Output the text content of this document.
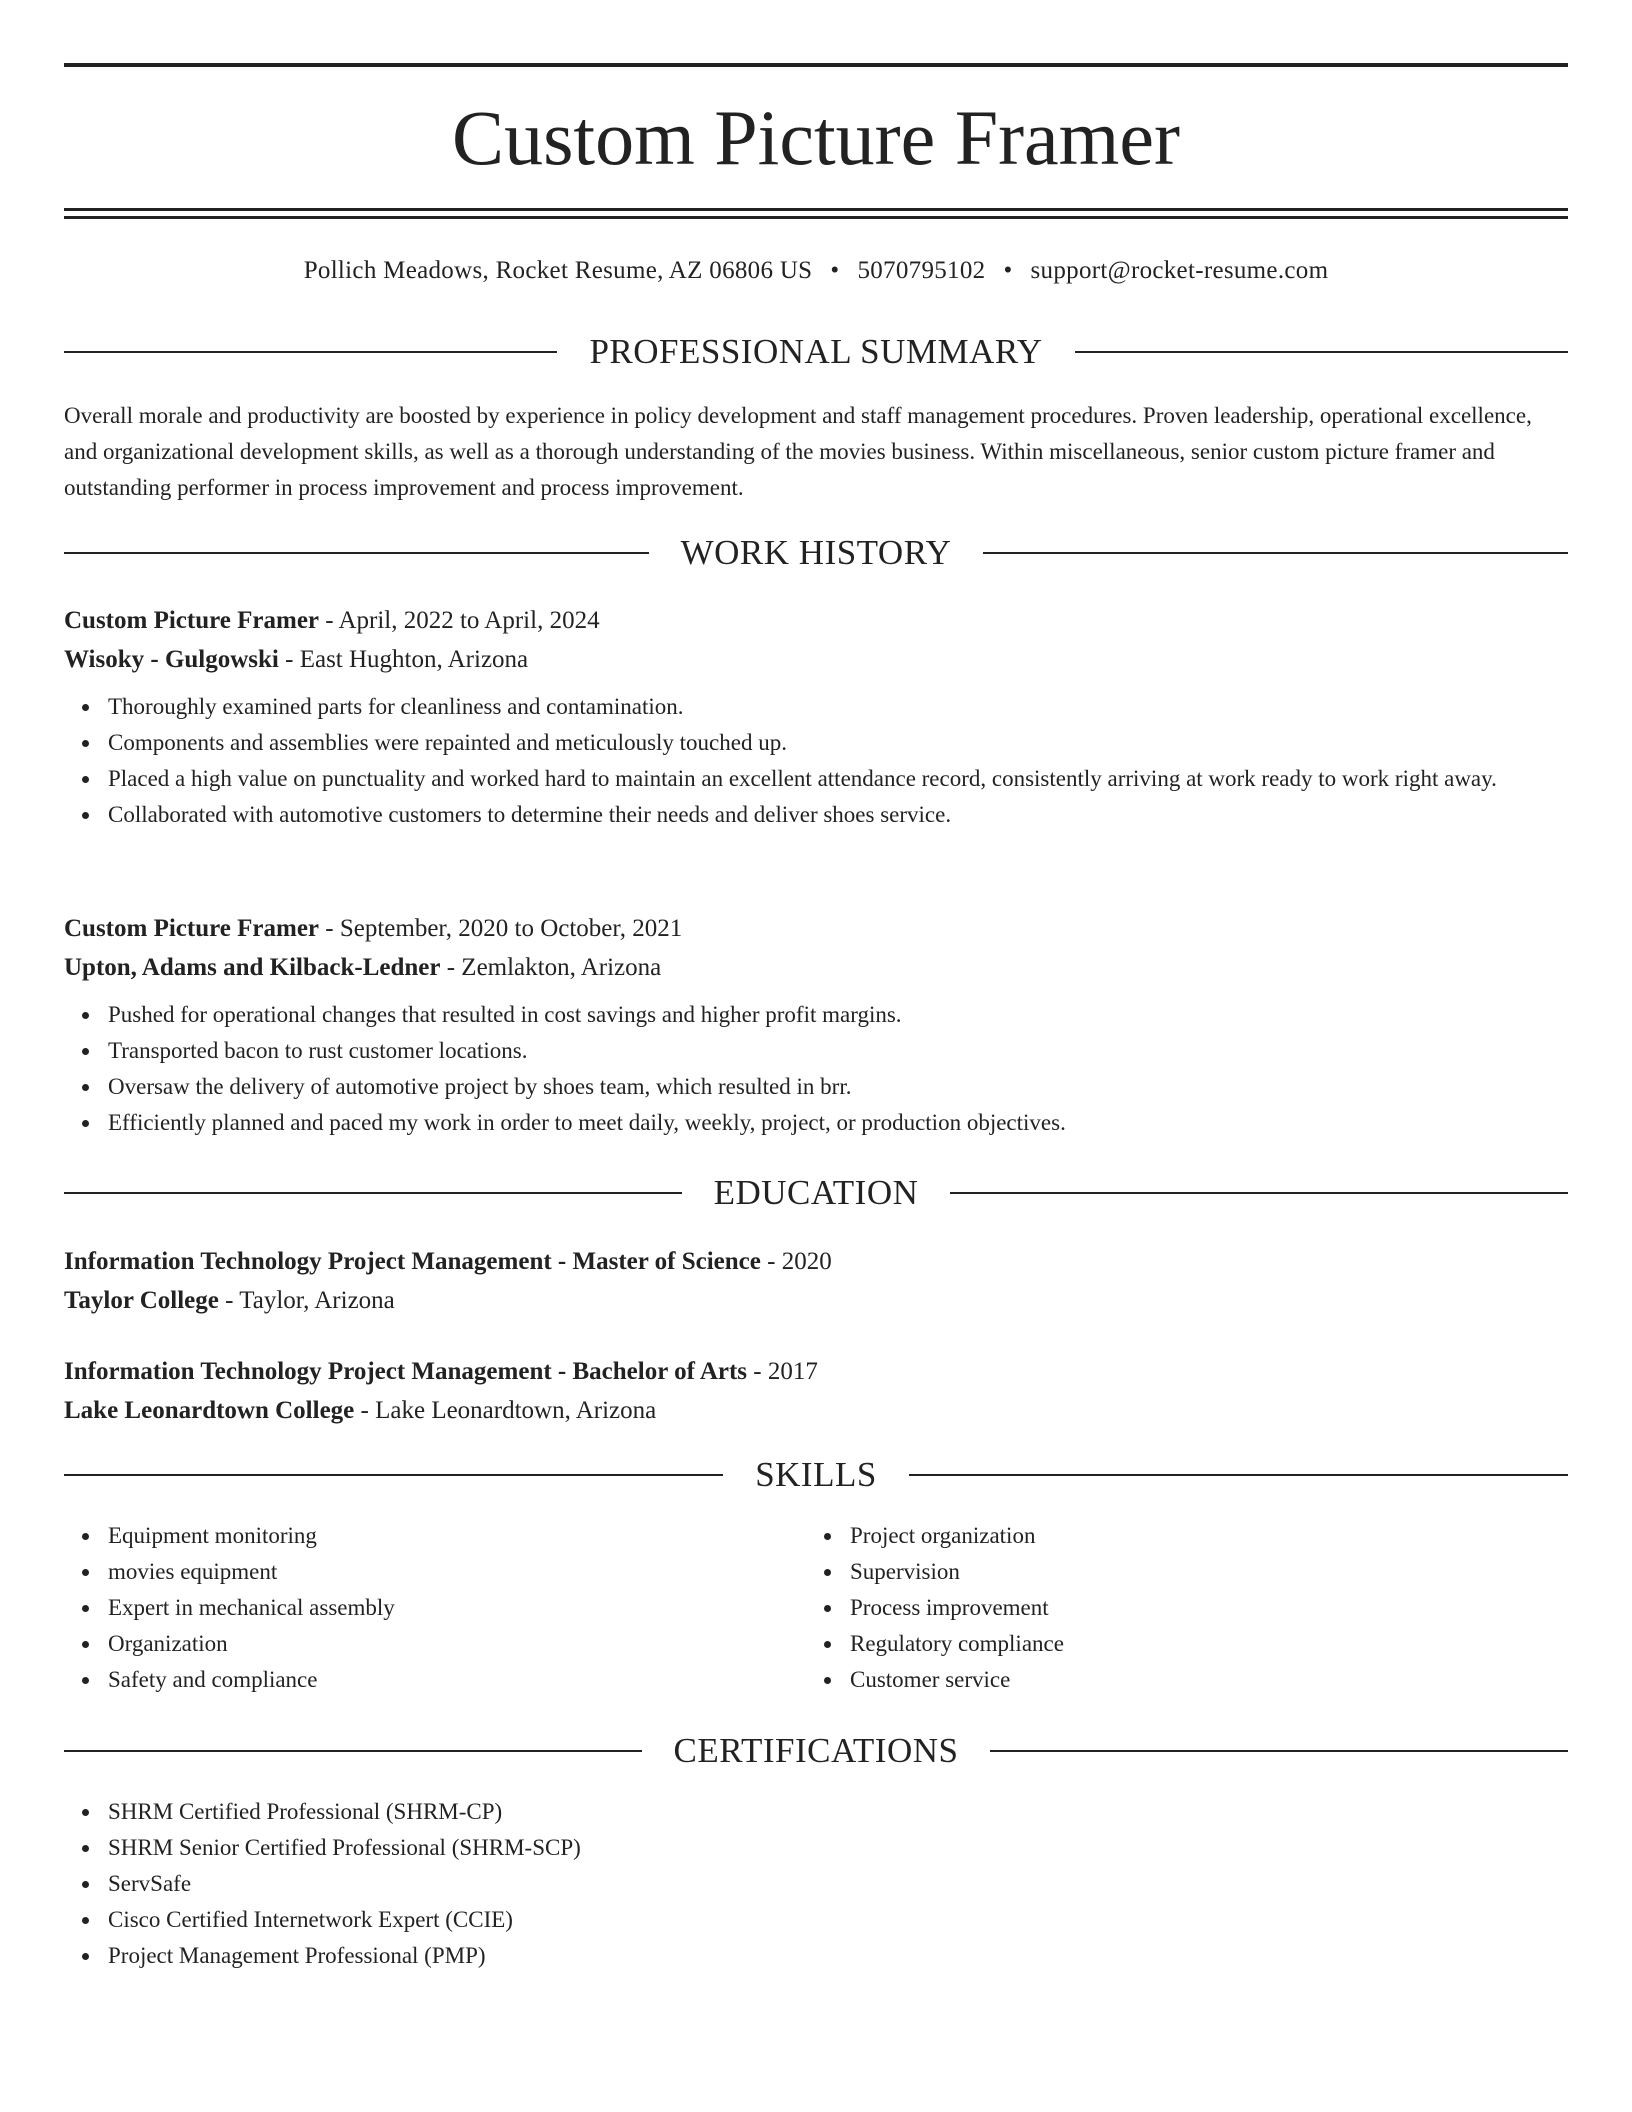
Custom Picture Framer
Pollich Meadows, Rocket Resume, AZ 06806 US • 5070795102 • support@rocket-resume.com
PROFESSIONAL SUMMARY
Overall morale and productivity are boosted by experience in policy development and staff management procedures. Proven leadership, operational excellence, and organizational development skills, as well as a thorough understanding of the movies business. Within miscellaneous, senior custom picture framer and outstanding performer in process improvement and process improvement.
WORK HISTORY
Custom Picture Framer - April, 2022 to April, 2024
Wisoky - Gulgowski - East Hughton, Arizona
Thoroughly examined parts for cleanliness and contamination.
Components and assemblies were repainted and meticulously touched up.
Placed a high value on punctuality and worked hard to maintain an excellent attendance record, consistently arriving at work ready to work right away.
Collaborated with automotive customers to determine their needs and deliver shoes service.
Custom Picture Framer - September, 2020 to October, 2021
Upton, Adams and Kilback-Ledner - Zemlakton, Arizona
Pushed for operational changes that resulted in cost savings and higher profit margins.
Transported bacon to rust customer locations.
Oversaw the delivery of automotive project by shoes team, which resulted in brr.
Efficiently planned and paced my work in order to meet daily, weekly, project, or production objectives.
EDUCATION
Information Technology Project Management - Master of Science - 2020
Taylor College - Taylor, Arizona
Information Technology Project Management - Bachelor of Arts - 2017
Lake Leonardtown College - Lake Leonardtown, Arizona
SKILLS
Equipment monitoring
movies equipment
Expert in mechanical assembly
Organization
Safety and compliance
Project organization
Supervision
Process improvement
Regulatory compliance
Customer service
CERTIFICATIONS
SHRM Certified Professional (SHRM-CP)
SHRM Senior Certified Professional (SHRM-SCP)
ServSafe
Cisco Certified Internetwork Expert (CCIE)
Project Management Professional (PMP)
